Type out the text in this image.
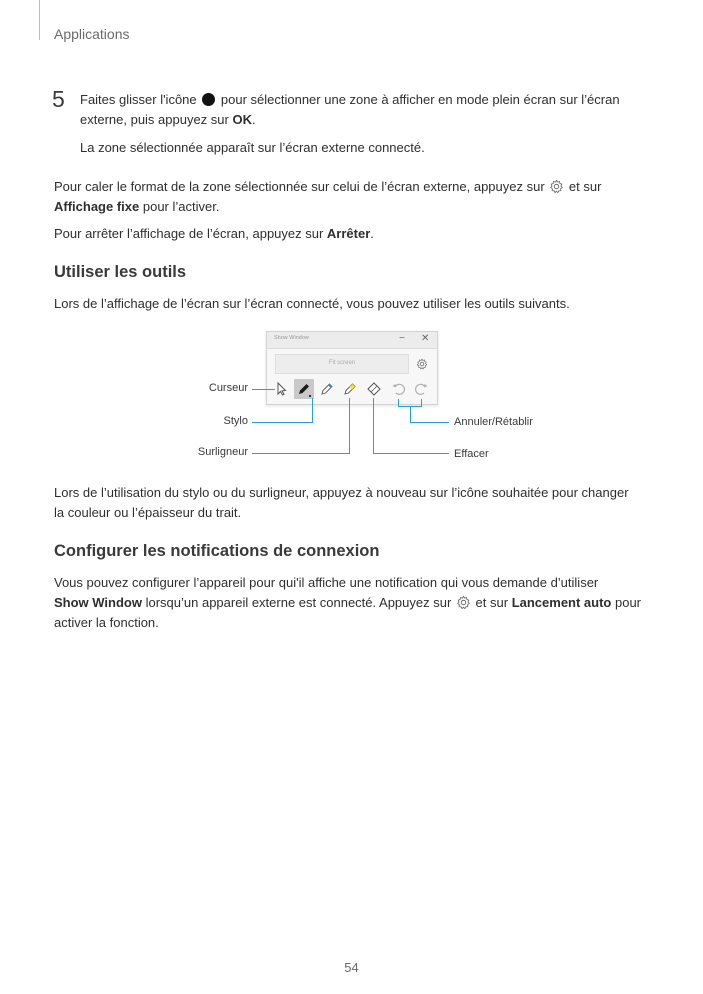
Applications
5 Faites glisser l'icône pour sélectionner une zone à afficher en mode plein écran sur l’écran
externe, puis appuyez sur OK.
La zone sélectionnée apparaît sur l’écran externe connecté.
Pour caler le format de la zone sélectionnée sur celui de l’écran externe, appuyez sur et sur
Affichage fixe pour l’activer.
Pour arrêter l’affichage de l’écran, appuyez sur Arrêter.
Utiliser les outils
Lors de l’affichage de l’écran sur l’écran connecté, vous pouvez utiliser les outils suivants.
Show Window	− ✕
Fit screen
Curseur
Stylo
Surligneur
Annuler/Rétablir
Effacer
Lors de l’utilisation du stylo ou du surligneur, appuyez à nouveau sur l’icône souhaitée pour changer
la couleur ou l’épaisseur du trait.
Configurer les notifications de connexion
Vous pouvez configurer l’appareil pour qui'il affiche une notification qui vous demande d’utiliser
Show Window lorsqu’un appareil externe est connecté. Appuyez sur et sur Lancement auto pour
activer la fonction.
54
